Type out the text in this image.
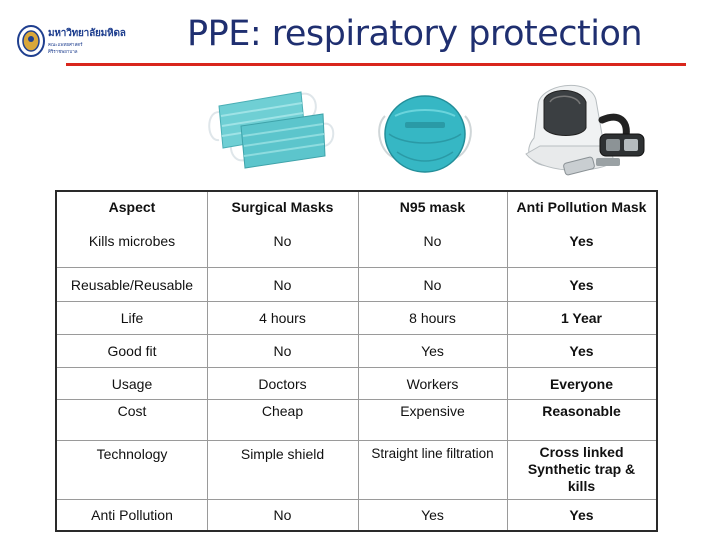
มหาวิทยาลัยมหิดล
คณะแพทยศาสตร์
ศิริราชพยาบาล	PPE: respiratory protection
Aspect	Surgical Masks	N95 mask	Anti Pollution Mask
Kills microbes	No	No	Yes
Reusable/Reusable	No	No	Yes
Life	4 hours	8 hours	1 Year
Good fit	No	Yes	Yes
Usage	Doctors	Workers	Everyone
Cost	Cheap	Expensive	Reasonable
Technology	Simple shield	Straight line filtration	Cross linked Synthetic trap & kills
Anti Pollution	No	Yes	Yes
